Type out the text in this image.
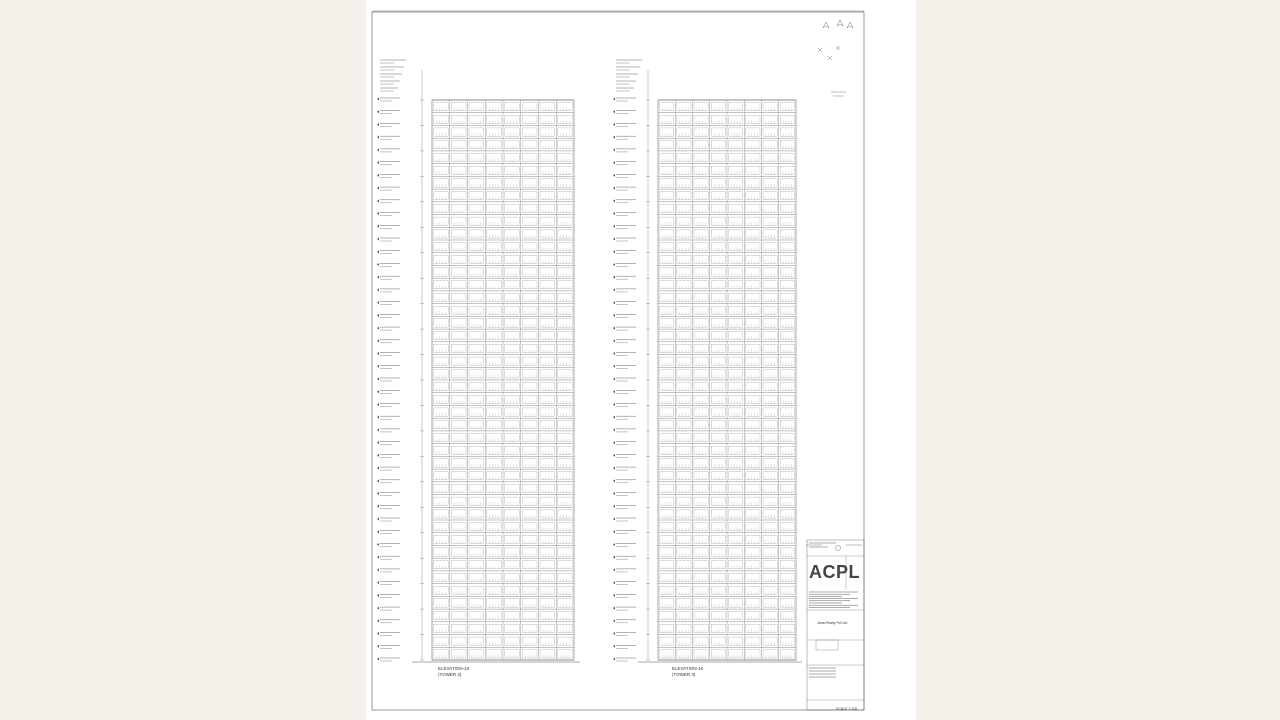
ELEVATION-10
(TOWER 3)
ELEVATION-10
(TOWER 3)
ACPL
Jana Realty Pvt Ltd
SCALE 1:100
